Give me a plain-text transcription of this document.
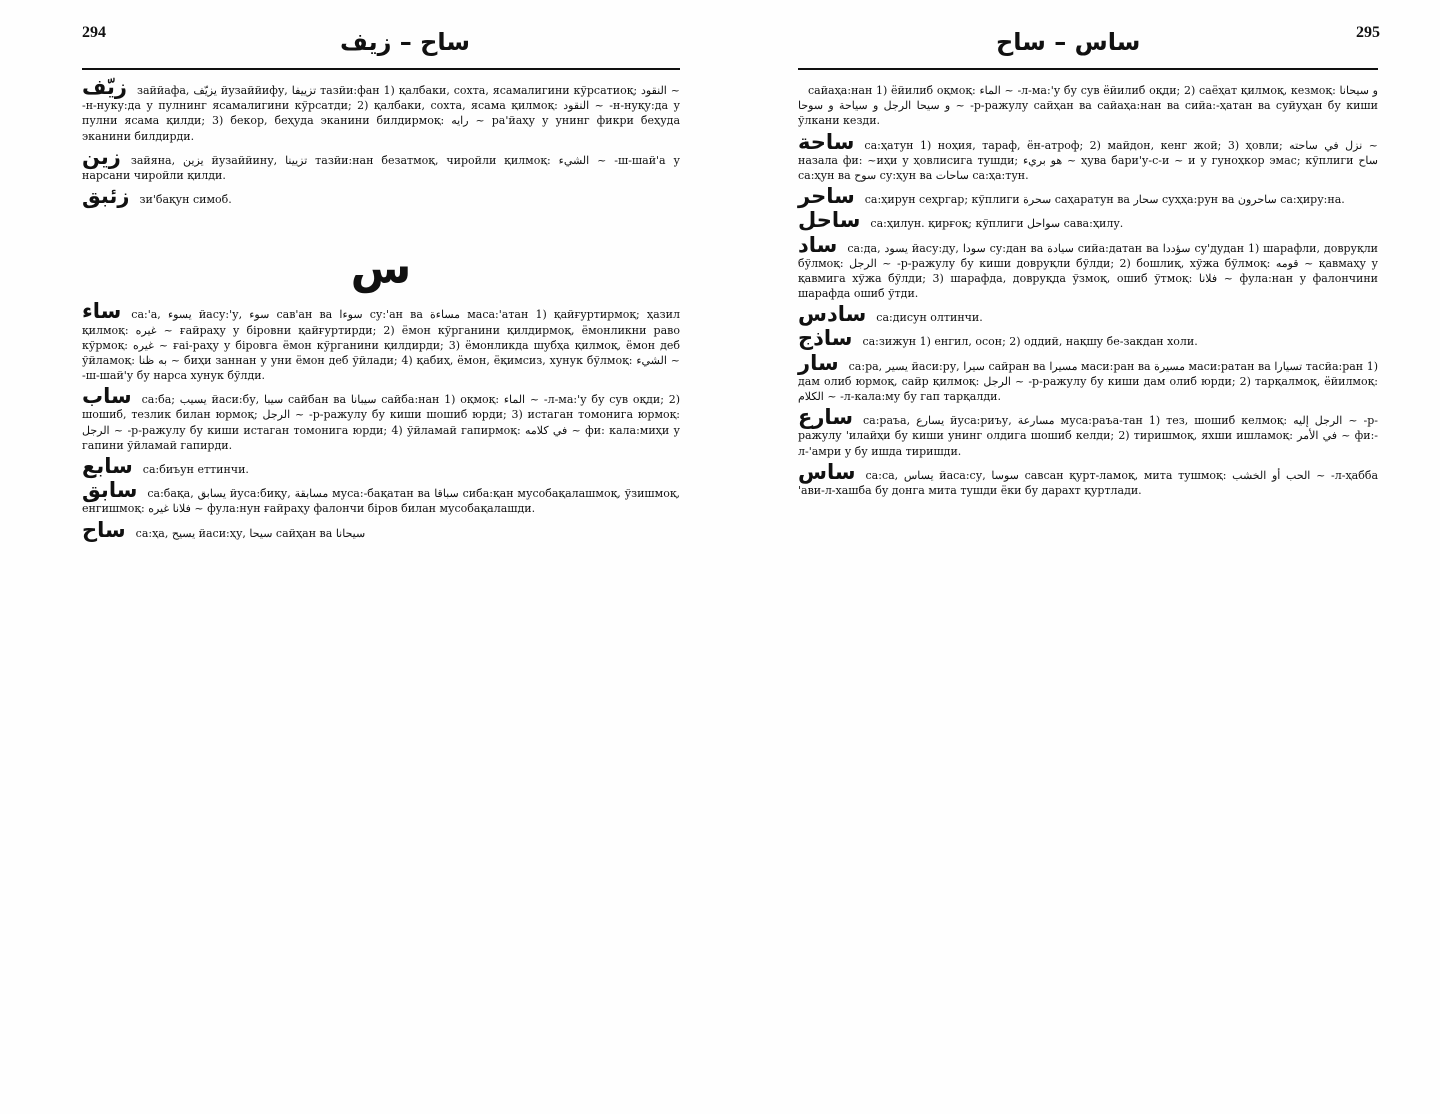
294	ساح – زيف

زيّف заййафа, يزيّف йузаййифу, تزييفا тазйи:фан 1) қалбаки, сохта, ясамалигини кўрсатиоқ; النقود ~ -н-нуку:да у пулнинг ясамалигини кўрсатди; 2) қалбаки, сохта, ясама қилмоқ: النقود ~ -н-нуқу:да у пулни ясама қилди; 3) бекор, беҳуда эканини билдирмоқ: رايه ~ ра'йаҳу у унинг фикри беҳуда эканини билдирди.

زين зайяна, يزين йузаййину, تزيينا тазйи:нан безатмоқ, чиройли қилмоқ: الشيء ~ -ш-шай'а у нарсани чиройли қилди.

زئبق зи'бақун симоб.

س

ساء са:'а, يسوء йасу:'у, سوء сав'ан ва سوءا су:'ан ва مساءة маса:'атан 1) қайғуртирмоқ; ҳазил қилмоқ: غيره ~ ғайраҳу у біровни қайғуртирди; 2) ёмон кўрганини қилдирмоқ, ёмонликни раво кўрмоқ: غيره ~ ғаі-раҳу у біровга ёмон кўрганини қилдирди; 3) ёмонликда шубҳа қилмоқ, ёмон деб ўйламоқ: به ظنا ~ биҳи заннан у уни ёмон деб ўйлади; 4) қабиҳ, ёмон, ёқимсиз, хунук бўлмоқ: الشيء ~ -ш-шай'у бу нарса хунук бўлди.

ساب са:ба; يسيب йаси:бу, سيبا сайбан ва سيبانا сайба:нан 1) оқмоқ: الماء ~ -л-ма:'у бу сув оқди; 2) шошиб, тезлик билан юрмоқ; الرجل ~ -р-ражулу бу киши шошиб юрди; 3) истаган томонига юрмоқ: الرجل ~ -р-ражулу бу киши истаган томонига юрди; 4) ўйламай гапирмоқ: في كلامه ~ фи: кала:миҳи у гапини ўйламай гапирди.

سابع са:биъун еттинчи.

سابق са:бақа, يسابق йуса:биқу, مسابقة муса:-бақатан ва سباقا сиба:қан мусобақалашмоқ, ўзишмоқ, енгишмоқ: فلانا غيره ~ фула:нун ғайраҳу фалончи біров билан мусобақалашди.

ساح са:ҳа, يسيح йаси:ҳу, سيحا сайҳан ва سيحانا

ساس – ساح	295

сайаҳа:нан 1) ёйилиб оқмоқ: الماء ~ -л-ма:'у бу сув ёйилиб оқди; 2) саёҳат қилмоқ, кезмоқ: و سيحانا و سيحا الرجل و سياحة و سوحا ~ -р-ражулу сайҳан ва сайаҳа:нан ва сийа:-ҳатан ва суйуҳан бу киши ўлкани кезди.

ساحة са:ҳатун 1) ноҳия, тараф, ён-атроф; 2) майдон, кенг жой; 3) ҳовли; نزل في ساحته ~ назала фи: ~иҳи у ҳовлисига тушди; هو بريء ~ ҳува бари'у-с-и ~ и у гуноҳкор эмас; кўплиги ساح са:ҳун ва سوح су:ҳун ва ساحات са:ҳа:тун.

ساحر са:ҳирун сеҳргар; кўплиги سحرة саҳаратун ва سحار суҳҳа:рун ва ساحرون са:ҳиру:на.

ساحل са:ҳилун. қирғоқ; кўплиги سواحل сава:ҳилу.

ساد са:да, يسود йасу:ду, سودا су:дан ва سيادة сийа:датан ва سؤددا су'дудан 1) шарафли, довруқли бўлмоқ: الرجل ~ -р-ражулу бу киши довруқли бўлди; 2) бошлиқ, хўжа бўлмоқ: قومه ~ қавмаҳу у қавмига хўжа бўлди; 3) шарафда, довруқда ўзмоқ, ошиб ўтмоқ: فلانا ~ фула:нан у фалончини шарафда ошиб ўтди.

سادس са:дисун олтинчи.

ساذج са:зижун 1) енгил, осон; 2) оддий, нақшу бе-закдан холи.

سار са:ра, يسير йаси:ру, سيرا сайран ва مسيرا маси:ран ва مسيرة маси:ратан ва تسيارا тасйа:ран 1) дам олиб юрмоқ, сайр қилмоқ: الرجل ~ -р-ражулу бу киши дам олиб юрди; 2) тарқалмоқ, ёйилмоқ: الكلام ~ -л-кала:му бу гап тарқалди.

سارع са:раъа, يسارع йуса:риъу, مسارعة муса:раъа-тан 1) тез, шошиб келмоқ: الرجل إليه ~ -р-ражулу 'илайҳи бу киши унинг олдига шошиб келди; 2) тиришмоқ, яхши ишламоқ: في الأمر ~ фи:-л-'амри у бу ишда тиришди.

ساس са:са, يساس йаса:су, سوسا савсан қурт-ламоқ, мита тушмоқ: الحب أو الخشب ~ -л-ҳабба 'ави-л-хашба бу донга мита тушди ёки бу дарахт қуртлади.
